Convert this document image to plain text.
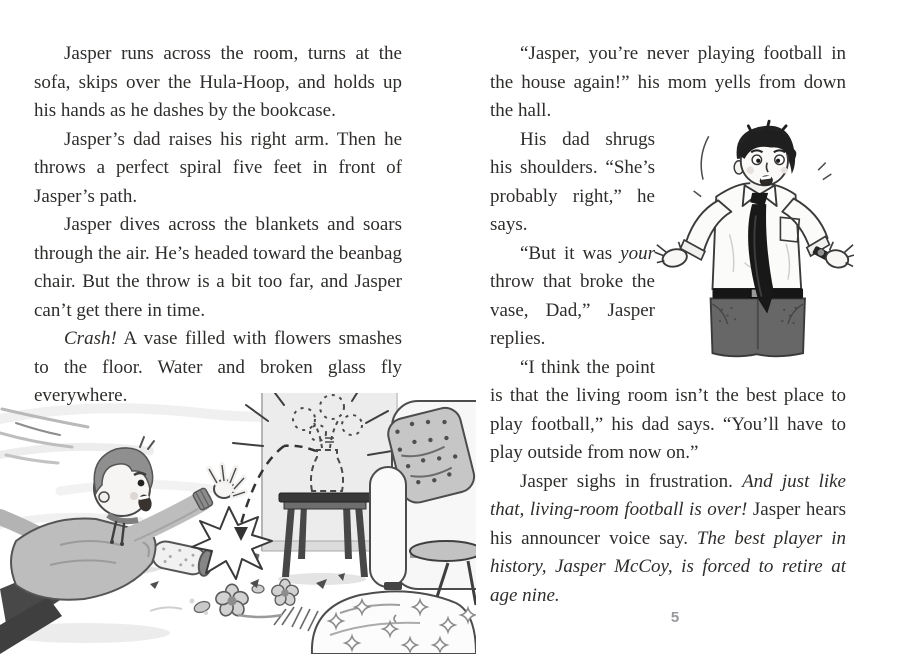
Jasper runs across the room, turns at the sofa, skips over the Hula-Hoop, and holds up his hands as he dashes by the bookcase.

Jasper’s dad raises his right arm. Then he throws a perfect spiral five feet in front of Jasper’s path.

Jasper dives across the blankets and soars through the air. He’s headed toward the beanbag chair. But the throw is a bit too far, and Jasper can’t get there in time.

Crash! A vase filled with flowers smashes to the floor. Water and broken glass fly everywhere.

“Jasper, you’re never playing football in the house again!” his mom yells from down the hall.

His dad shrugs his shoulders. “She’s probably right,” he says.

“But it was your throw that broke the vase, Dad,” Jasper replies.

“I think the point is that the living room isn’t the best place to play football,” his dad says. “You’ll have to play outside from now on.”

Jasper sighs in frustration. And just like that, living-room football is over! Jasper hears his announcer voice say. The best player in history, Jasper McCoy, is forced to retire at age nine.

5
